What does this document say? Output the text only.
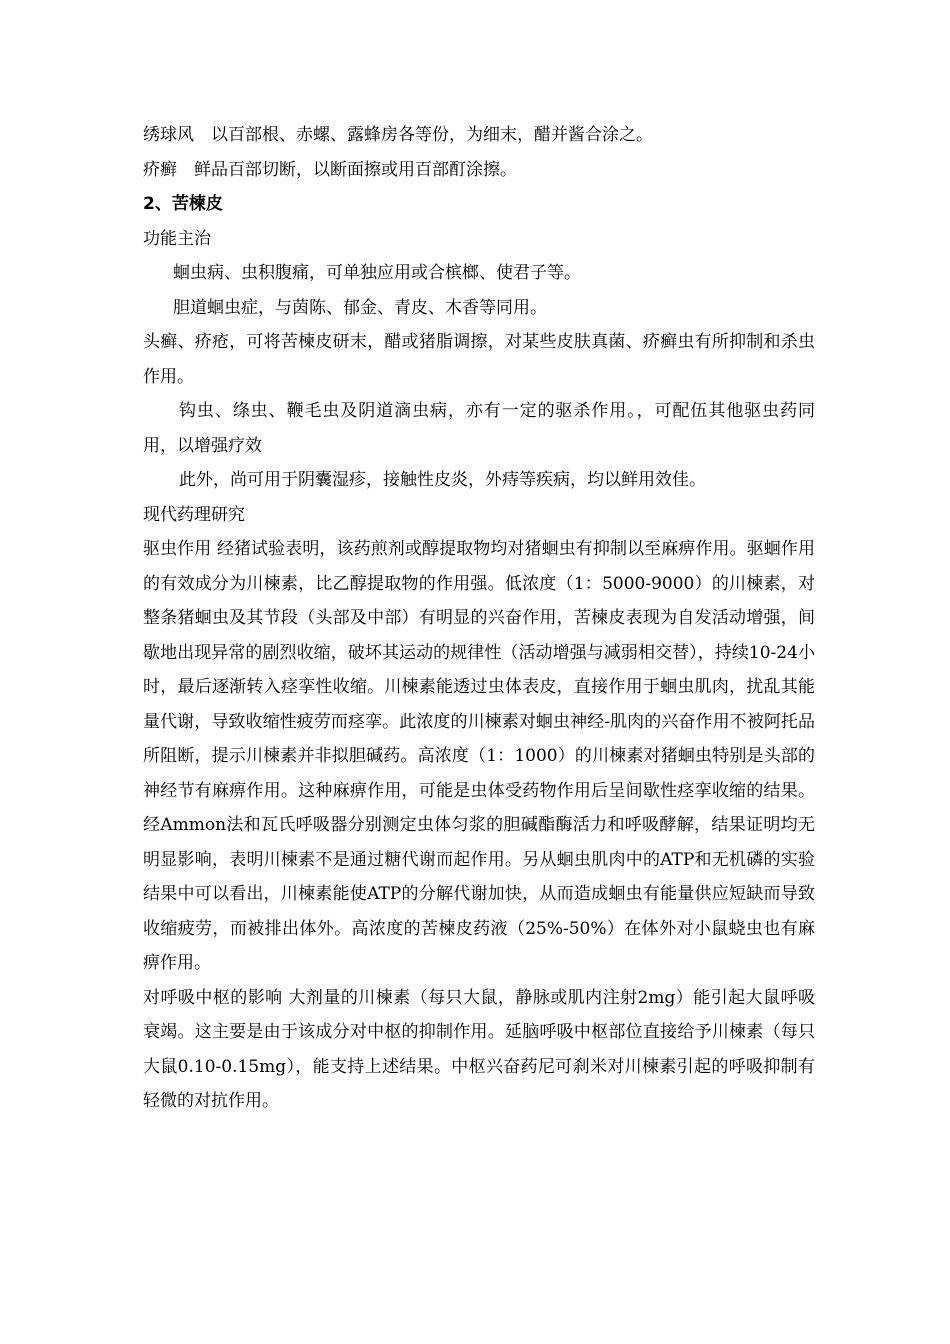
绣球风　以百部根、赤螺、露蜂房各等份，为细末，醋并酱合涂之。

疥癣　鲜品百部切断，以断面擦或用百部酊涂擦。

2、苦楝皮

功能主治

蛔虫病、虫积腹痛，可单独应用或合槟榔、使君子等。

胆道蛔虫症，与茵陈、郁金、青皮、木香等同用。

头癣、疥疮，可将苦楝皮研末，醋或猪脂调擦，对某些皮肤真菌、疥癣虫有所抑制和杀虫作用。

钩虫、绦虫、鞭毛虫及阴道滴虫病，亦有一定的驱杀作用。，可配伍其他驱虫药同用，以增强疗效

此外，尚可用于阴囊湿疹，接触性皮炎，外痔等疾病，均以鲜用效佳。

现代药理研究

驱虫作用 经猪试验表明，该药煎剂或醇提取物均对猪蛔虫有抑制以至麻痹作用。驱蛔作用的有效成分为川楝素，比乙醇提取物的作用强。低浓度（1：5000-9000）的川楝素，对整条猪蛔虫及其节段（头部及中部）有明显的兴奋作用，苦楝皮表现为自发活动增强，间歇地出现异常的剧烈收缩，破坏其运动的规律性（活动增强与减弱相交替），持续10-24小时，最后逐渐转入痉挛性收缩。川楝素能透过虫体表皮，直接作用于蛔虫肌肉，扰乱其能量代谢，导致收缩性疲劳而痉挛。此浓度的川楝素对蛔虫神经-肌肉的兴奋作用不被阿托品所阻断，提示川楝素并非拟胆碱药。高浓度（1：1000）的川楝素对猪蛔虫特别是头部的神经节有麻痹作用。这种麻痹作用，可能是虫体受药物作用后呈间歇性痉挛收缩的结果。经Ammon法和瓦氏呼吸器分别测定虫体匀浆的胆碱酯酶活力和呼吸酵解，结果证明均无明显影响，表明川楝素不是通过糖代谢而起作用。另从蛔虫肌肉中的ATP和无机磷的实验结果中可以看出，川楝素能使ATP的分解代谢加快，从而造成蛔虫有能量供应短缺而导致收缩疲劳，而被排出体外。高浓度的苦楝皮药液（25%-50%）在体外对小鼠蛲虫也有麻痹作用。

对呼吸中枢的影响 大剂量的川楝素（每只大鼠，静脉或肌内注射2mg）能引起大鼠呼吸衰竭。这主要是由于该成分对中枢的抑制作用。延脑呼吸中枢部位直接给予川楝素（每只大鼠0.10-0.15mg），能支持上述结果。中枢兴奋药尼可刹米对川楝素引起的呼吸抑制有轻微的对抗作用。
